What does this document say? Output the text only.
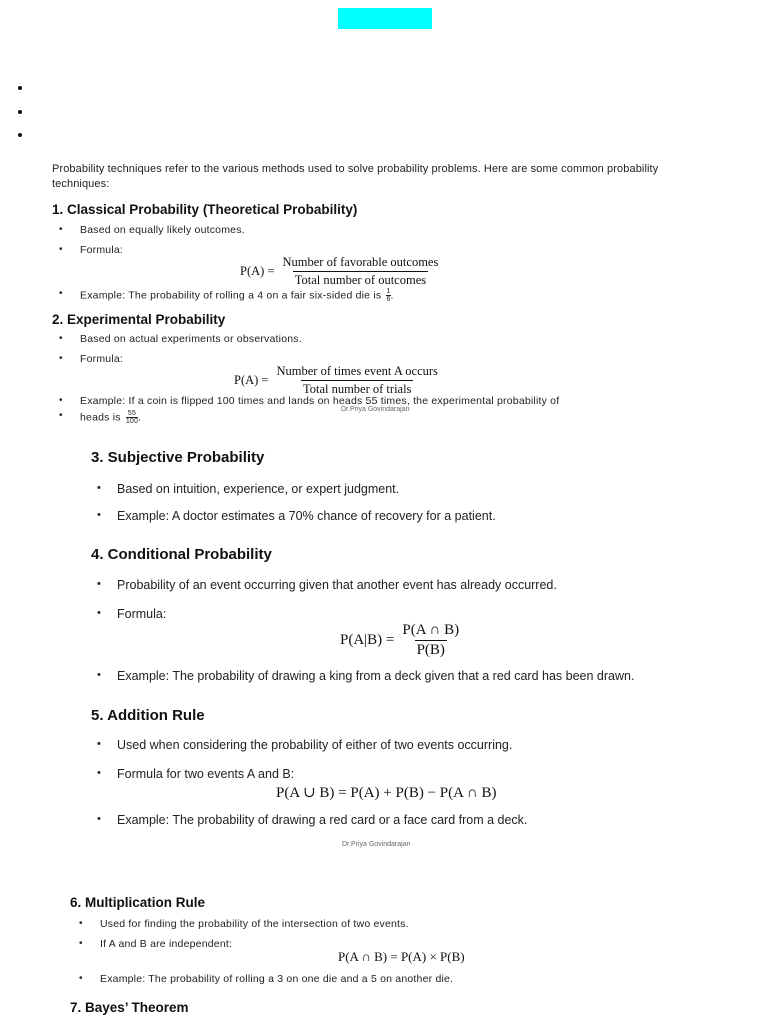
Probability techniques refer to the various methods used to solve probability problems. Here are some common probability techniques:
1. Classical Probability (Theoretical Probability)
• Based on equally likely outcomes.
• Formula:
$P(A) = \frac{\text{Number of favorable outcomes}}{\text{Total number of outcomes}}$
• Example: The probability of rolling a 4 on a fair six-sided die is $\frac{1}{6}$ .
2. Experimental Probability
• Based on actual experiments or observations.
• Formula:
$P(A) = \frac{\text{Number of times event A occurs}}{\text{Total number of trials}}$
• Example: If a coin is flipped 100 times and lands on heads 55 times, the experimental probability of
• heads is $\frac{55}{100}$ .
Dr.Priya Govindarajan
3. Subjective Probability
• Based on intuition, experience, or expert judgment.
• Example: A doctor estimates a 70% chance of recovery for a patient.
4. Conditional Probability
• Probability of an event occurring given that another event has already occurred.
• Formula:
$P(A|B) = \frac{P(A \cap B)}{P(B)}$
• Example: The probability of drawing a king from a deck given that a red card has been drawn.
5. Addition Rule
• Used when considering the probability of either of two events occurring.
• Formula for two events A and B:
P(A ∪ B) = P(A) + P(B) − P(A ∩ B)
• Example: The probability of drawing a red card or a face card from a deck.
Dr.Priya Govindarajan
6. Multiplication Rule
• Used for finding the probability of the intersection of two events.
• If A and B are independent:
P(A ∩ B) = P(A) × P(B)
• Example: The probability of rolling a 3 on one die and a 5 on another die.
7. Bayes’ Theorem
